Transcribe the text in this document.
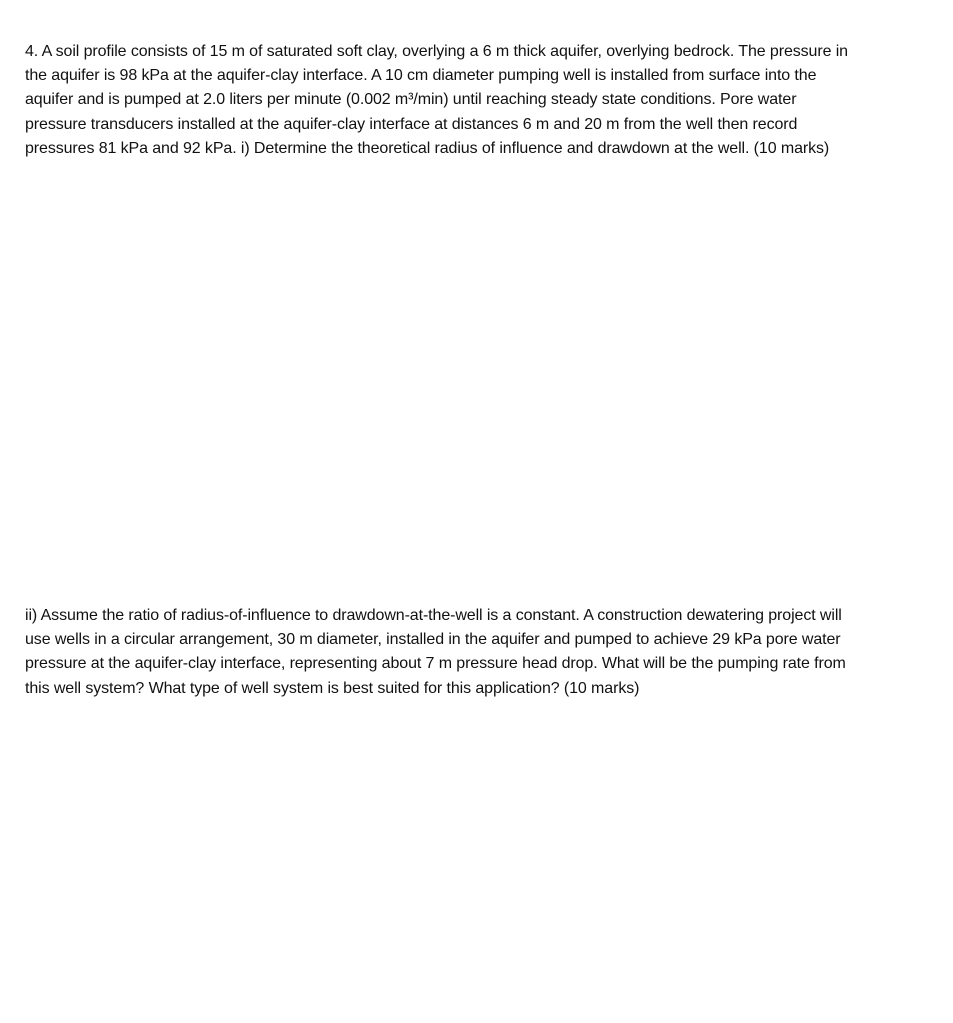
4. A soil profile consists of 15 m of saturated soft clay, overlying a 6 m thick aquifer, overlying bedrock. The pressure in
the aquifer is 98 kPa at the aquifer-clay interface. A 10 cm diameter pumping well is installed from surface into the
aquifer and is pumped at 2.0 liters per minute (0.002 m³/min) until reaching steady state conditions. Pore water
pressure transducers installed at the aquifer-clay interface at distances 6 m and 20 m from the well then record
pressures 81 kPa and 92 kPa. i) Determine the theoretical radius of influence and drawdown at the well. (10 marks)

ii) Assume the ratio of radius-of-influence to drawdown-at-the-well is a constant. A construction dewatering project will
use wells in a circular arrangement, 30 m diameter, installed in the aquifer and pumped to achieve 29 kPa pore water
pressure at the aquifer-clay interface, representing about 7 m pressure head drop. What will be the pumping rate from
this well system? What type of well system is best suited for this application? (10 marks)
